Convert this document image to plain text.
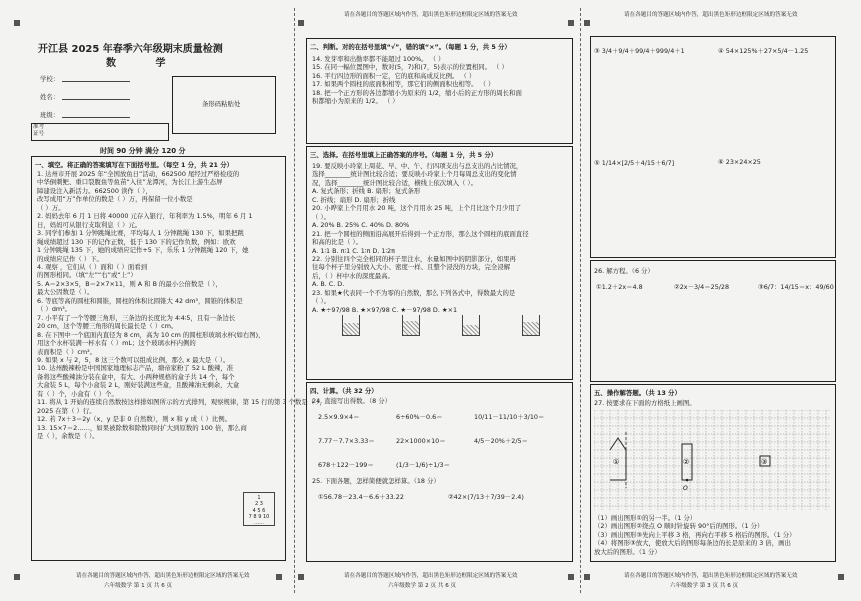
开江县 2025 年春季六年级期末质量检测
数 学
学校：
姓名：
班级：
条形码粘贴处
准考证号
时间 90 分钟 满分 120 分
一、填空。将正确的答案填写在下面括号里。（每空 1 分，共 21 分）
1. 达州市开展 2025 年“全国放鱼日”活动，662500 尾经过严格检疫的
中华倒刺鲃、重口裂腹鱼等鱼苗“入住”龙潭河，为长江上游生态屏
障建设注入新活力。662500 读作（ ），
改写成用“万”作单位的数是（ ）万，再保留一位小数是
（ ）万。
2. 妈妈去年 6 月 1 日将 40000 元存入银行，年利率为 1.5%，明年 6 月 1
日，妈妈可从银行支取利息（ ）元。
3. 同学们参加 1 分钟跳绳比赛，平均每人 1 分钟跳绳 130 下，如果把跳
绳成绩超过 130 下的记作正数，低于 130 下的记作负数，例如：欧欢
1 分钟跳绳 135 下，她的成绩应记作+5 下，乐乐 1 分钟跳绳 120 下，她
的成绩应记作（ ）下。
4. 观察 ，它们从（ ）面和（ ）面看到
的图形相同。（填“左”“右”或“上”）
5. A＝2×3×5，B＝2×7×11，则 A 和 B 的最小公倍数是（ ），
最大公因数是（ ）。
6. 等底等高的圆柱和圆锥，圆柱的体积比圆锥大 42 dm³，圆锥的体积是
（ ）dm³。
7. 小平有了一个等腰三角形，三条边的长度比为 4∶4∶5，且有一条边长
20 cm，这个等腰三角形的周长最长是（ ）cm。
8. 在下图中一个底面内直径为 8 cm，高为 10 cm 的圆柱形玻璃水杯(如右图)，
用这个水杯装满一杯水有（ ）mL；这个玻璃水杯内侧的
表面积是（ ）cm²。
9. 如果 x 与 2，5，8 这三个数可以组成比例，那么 x 最大是（ ）。
10. 达州酸辣粉是中国国家地理标志产品，塘帝家粉了 52 L 酸辣，准
备将这些酸辣油分装在盒中，有大、小两种规格的盒子共 14 个，每个
大盒装 5 L，每个小盒装 2 L，刚好装满这些盒，且酸辣油无剩余，大盒
有（ ）个，小盒有（ ）个。
11. 将从 1 开始的连续自然数按这样排如图所示的方式排列，观察规律，第 15 行的第 3 个数是（ ），
2025 在第（ ）行。
12. 若 7x＋3＝2y（x、y 是非 0 自然数），则 x 和 y 成（ ）比例。
13. 15×7＝2……，如果被除数和除数同时扩大到原数的 100 倍，那么商
是（ ），余数是（ ）。
1
2 3
4 5 6
7 8 9 10
……
请在各题目的答题区域内作答，超出黑色矩形边框限定区域的答案无效
六年级数学 第 1 页 共 6 页
请在各题目的答题区域内作答，超出黑色矩形边框限定区域的答案无效
二、判断。对的在括号里填“√”，错的填“×”。（每题 1 分，共 5 分）
14. 发芽率和出勤率都不能超过 100%。 （ ）
15. 在同一幅位置图中，数对(5，7)和(7，5)表示的位置相同。 （ ）
16. 平行四边形的面积一定，它的底和高成反比例。 （ ）
17. 如果两个圆柱的底面积相等，那它们的侧面积也相等。 （ ）
18. 把一个正方形的各边都缩小为原来的 1/2，缩小后的正方形的周长和面
积都缩小为原来的 1/2。 （ ）
三、选择。在括号里填上正确答案的序号。（每题 1 分，共 5 分）
19. 要反映小玲家上周花、早、中、午、行四项支出与总支出的占比情况，
选择________统计图比较合适；要反映小玲家上个月每周总支出的变化情
况，选择________统计图比较合适，横线上依次填入（ ）。
A. 复式条形；折线 B. 扇形；复式条形
C. 折线；扇形 D. 扇形；折线
20. 小晔家上个月用水 20 吨，这个月用水 25 吨，上个月比这个月少用了
（ ）。
A. 20% B. 25% C. 40% D. 80%
21. 把一个圆柱的侧面沿高展开后得到一个正方形，那么这个圆柱的底面直径
和高的比是（ ）。
A. 1∶1 B. π∶1 C. 1∶π D. 1∶2π
22. 分别往四个完全相同的杯子里注水，水量如图中的阴影部分，如果再
往每个杯子里分别放入大小、密度一样、且整个浸没的方块，完全浸解
后，（ ）杯中水的深度最高。
A. B. C. D.
23. 如果★代表同一个不为零的自然数，那么下列各式中，得数最大的是
（ ）。
A. ★÷97/98 B. ★×97/98 C. ★－97/98 D. ★×1
四、计算。（共 32 分）
24. 直接写出得数。（8 分）
2.5×9.9×4＝	6÷60%－0.6＝	10/11－11/10＋3/10＝
7.77－7.7×3.33＝	22×1000×10＝	4/5－20%＋2/5＝
678＋122－199＝	(1/3－1/6)÷1/3＝
25. 下面各题，怎样简便就怎样算。（18 分）
①56.78－23.4－6.6＋33.22	②42×(7/13＋7/39－2.4)
请在各题目的答题区域内作答，超出黑色矩形边框限定区域的答案无效
六年级数学 第 2 页 共 6 页
请在各题目的答题区域内作答，超出黑色矩形边框限定区域的答案无效
③ 3/4＋9/4＋99/4＋999/4＋1	④ 54×125%＋27×5/4－1.25
⑤ 1/14×[2/5＋4/15＋6/7]	⑥ 23×24×25
26. 解方程。（6 分）
①1.2＋2x＝4.8	②2x－3/4＝25/28	③6/7：14/15＝x：49/60
五、操作解答题。（共 13 分）
27. 按要求在下面的方格纸上画图。
①	②	③
O
（1）画出图形①的另一半。（1 分）
（2）画出图形②绕点 O 顺时针旋转 90°后的图形。（1 分）
（3）画出图形③先向上平移 3 格，再向右平移 5 格后的图形。（1 分）
（4）将图形③放大，使放大后的图形每条边的长是原来的 3 倍，画出
放大后的图形。（1 分）
请在各题目的答题区域内作答，超出黑色矩形边框限定区域的答案无效
六年级数学 第 3 页 共 6 页
